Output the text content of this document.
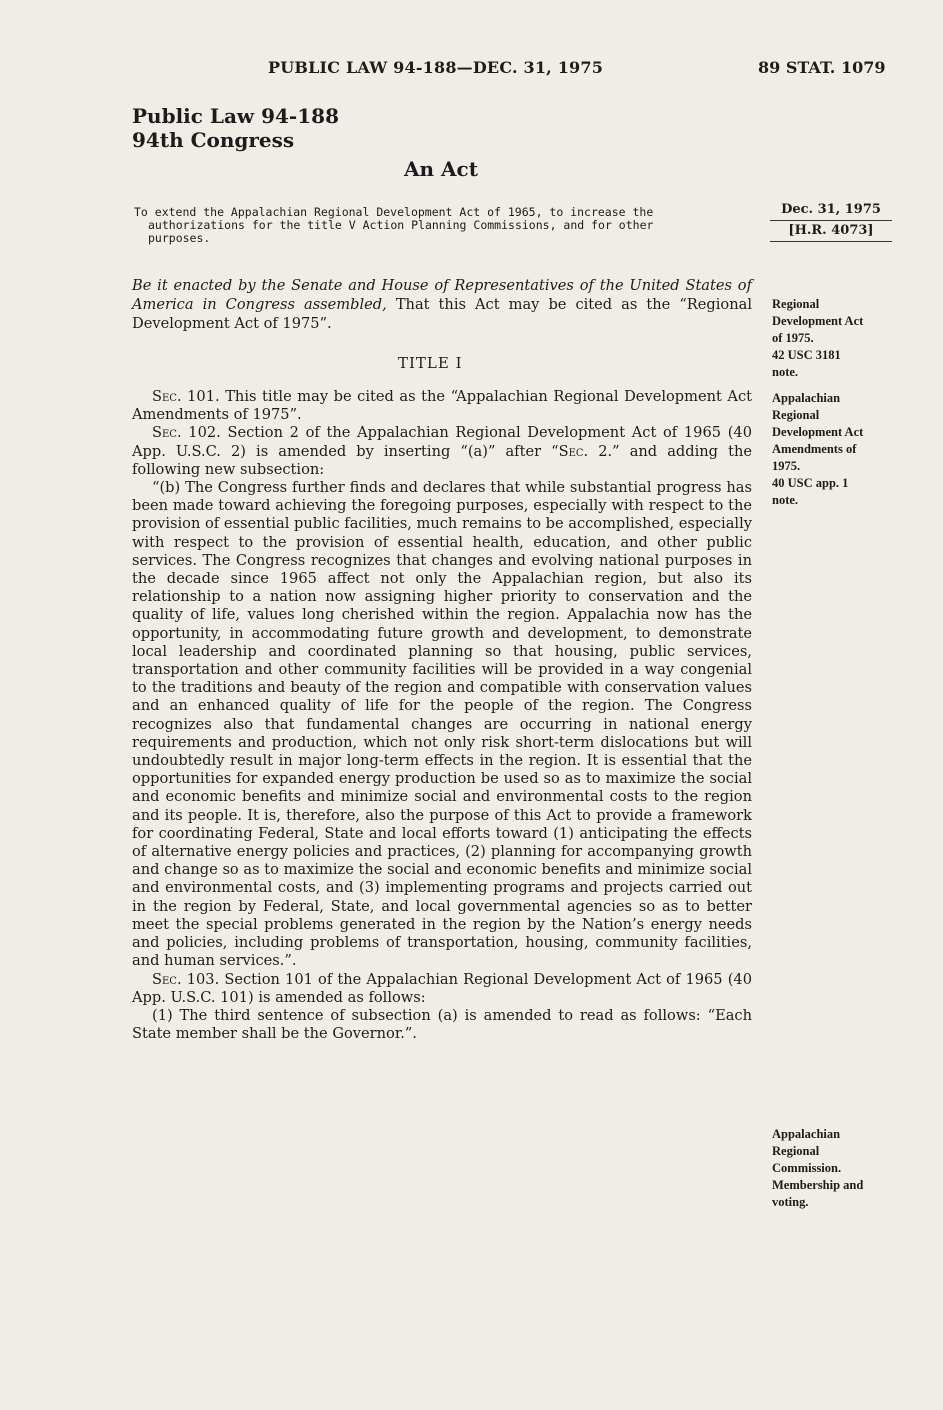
PUBLIC LAW 94-188—DEC. 31, 1975	89 STAT. 1079
Public Law 94-188
94th Congress
An Act
To extend the Appalachian Regional Development Act of 1965, to increase the
authorizations for the title V Action Planning Commissions, and for other
purposes.
Dec. 31, 1975
[H.R. 4073]
Be it enacted by the Senate and House of Representatives of the United States of America in Congress assembled, That this Act may be cited as the “Regional Development Act of 1975”.
TITLE I

Sec. 101. This title may be cited as the “Appalachian Regional Development Act Amendments of 1975”.

Sec. 102. Section 2 of the Appalachian Regional Development Act of 1965 (40 App. U.S.C. 2) is amended by inserting “(a)” after “Sec. 2.” and adding the following new subsection:

“(b) The Congress further finds and declares that while substantial progress has been made toward achieving the foregoing purposes, especially with respect to the provision of essential public facilities, much remains to be accomplished, especially with respect to the provision of essential health, education, and other public services. The Congress recognizes that changes and evolving national purposes in the decade since 1965 affect not only the Appalachian region, but also its relationship to a nation now assigning higher priority to conservation and the quality of life, values long cherished within the region. Appalachia now has the opportunity, in accommodating future growth and development, to demonstrate local leadership and coordinated planning so that housing, public services, transportation and other community facilities will be provided in a way congenial to the traditions and beauty of the region and compatible with conservation values and an enhanced quality of life for the people of the region. The Congress recognizes also that fundamental changes are occurring in national energy requirements and production, which not only risk short-term dislocations but will undoubtedly result in major long-term effects in the region. It is essential that the opportunities for expanded energy production be used so as to maximize the social and economic benefits and minimize social and environmental costs to the region and its people. It is, therefore, also the purpose of this Act to provide a framework for coordinating Federal, State and local efforts toward (1) anticipating the effects of alternative energy policies and practices, (2) planning for accompanying growth and change so as to maximize the social and economic benefits and minimize social and environmental costs, and (3) implementing programs and projects carried out in the region by Federal, State, and local governmental agencies so as to better meet the special problems generated in the region by the Nation’s energy needs and policies, including problems of transportation, housing, community facilities, and human services.”.

Sec. 103. Section 101 of the Appalachian Regional Development Act of 1965 (40 App. U.S.C. 101) is amended as follows:

(1) The third sentence of subsection (a) is amended to read as follows: “Each State member shall be the Governor.”.

Regional
Development Act
of 1975.
42 USC 3181
note.
Appalachian
Regional
Development Act
Amendments of
1975.
40 USC app. 1
note.
Appalachian
Regional
Commission.
Membership and
voting.
